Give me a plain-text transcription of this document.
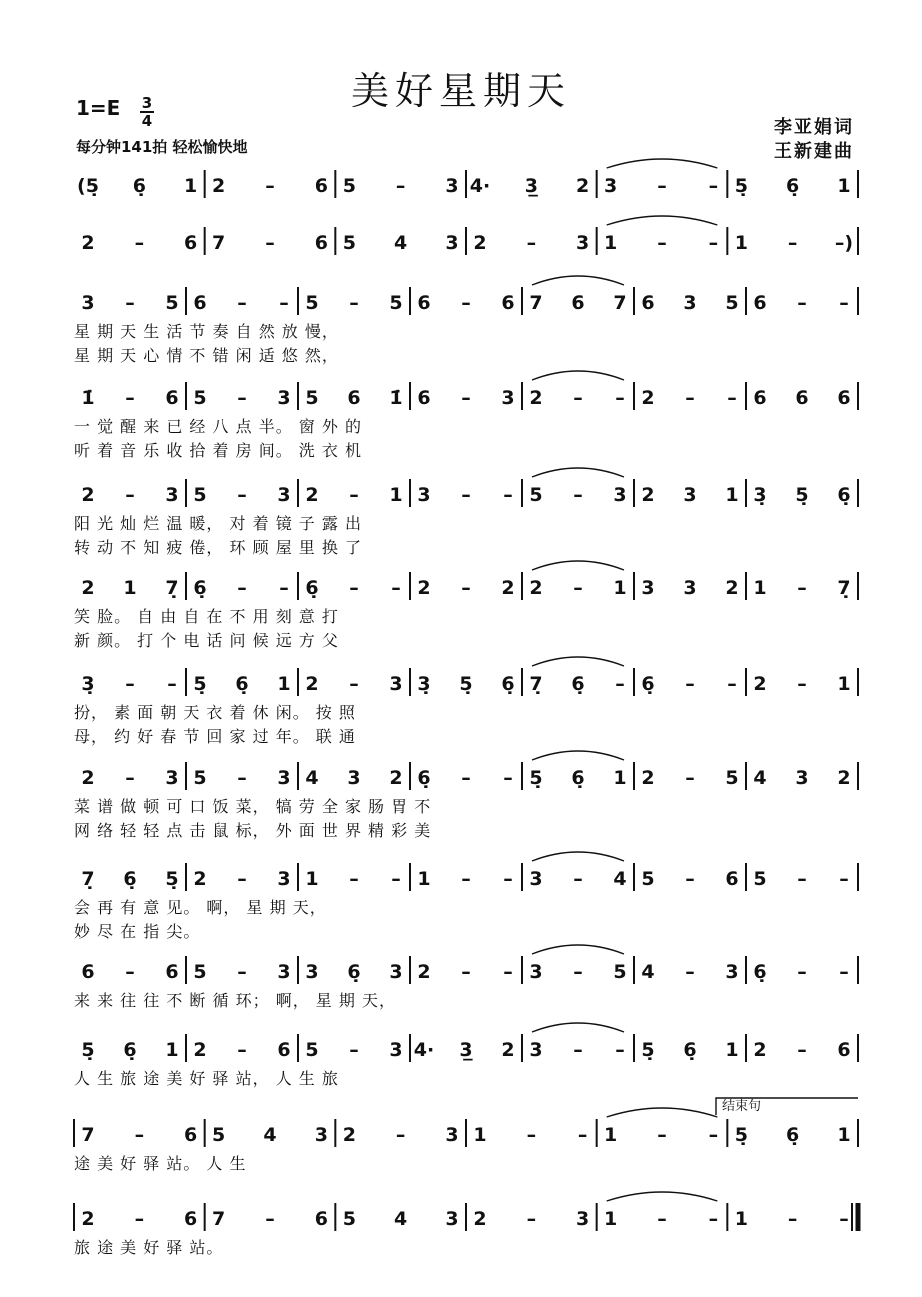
美好星期天
1=E 3
4
每分钟141拍 轻松愉快地
李亚娟词
王新建曲
(5̣ 6̣ 1 2 – 6 5 – 3 4· 3̲ 2 3 – – 5̣ 6̣ 1
2 – 6 7 – 6 5 4 3 2 – 3 1 – – 1 – –)
3 – 5 6 – – 5 – 5 6 – 6 7 6 7 6 3 5 6 – –
星 期 天 生 活 节 奏 自 然 放 慢，
星 期 天 心 情 不 错 闲 适 悠 然，
1̇ – 6 5 – 3 5 6 1̇ 6 – 3 2 – – 2 – – 6 6 6
一 觉 醒 来 已 经 八 点 半。 窗 外 的
听 着 音 乐 收 拾 着 房 间。 洗 衣 机
2 – 3 5 – 3 2 – 1 3 – – 5 – 3 2 3 1 3̣ 5̣ 6̣
阳 光 灿 烂 温 暖， 对 着 镜 子 露 出
转 动 不 知 疲 倦， 环 顾 屋 里 换 了
2 1 7̣ 6̣ – – 6̣ – – 2 – 2 2 – 1 3 3 2 1 – 7̣
笑 脸。 自 由 自 在 不 用 刻 意 打
新 颜。 打 个 电 话 问 候 远 方 父
3̣ – – 5̣ 6̣ 1 2 – 3 3̣ 5̣ 6̣ 7̣ 6̣ – 6̣ – – 2 – 1
扮， 素 面 朝 天 衣 着 休 闲。 按 照
母， 约 好 春 节 回 家 过 年。 联 通
2 – 3 5 – 3 4 3 2 6̣ – – 5̣ 6̣ 1 2 – 5 4 3 2
菜 谱 做 顿 可 口 饭 菜， 犒 劳 全 家 肠 胃 不
网 络 轻 轻 点 击 鼠 标， 外 面 世 界 精 彩 美
7̣ 6̣ 5̣ 2 – 3 1 – – 1 – – 3 – 4 5 – 6 5 – –
会 再 有 意 见。 啊， 星 期 天，
妙 尽 在 指 尖。
6 – 6 5 – 3 3 6̣ 3 2 – – 3 – 5 4 – 3 6̣ – –
来 来 往 往 不 断 循 环； 啊， 星 期 天，
5̣ 6̣ 1 2 – 6 5 – 3 4· 3̲ 2 3 – – 5̣ 6̣ 1 2 – 6
人 生 旅 途 美 好 驿 站， 人 生 旅
7 – 6 5 4 3 2 – 3 1 – – 1 – – 5̣ 6̣ 1
途 美 好 驿 站。 人 生
2 – 6 7 – 6 5 4 3 2 – 3 1 – – 1 – –
旅 途 美 好 驿 站。
结束句
